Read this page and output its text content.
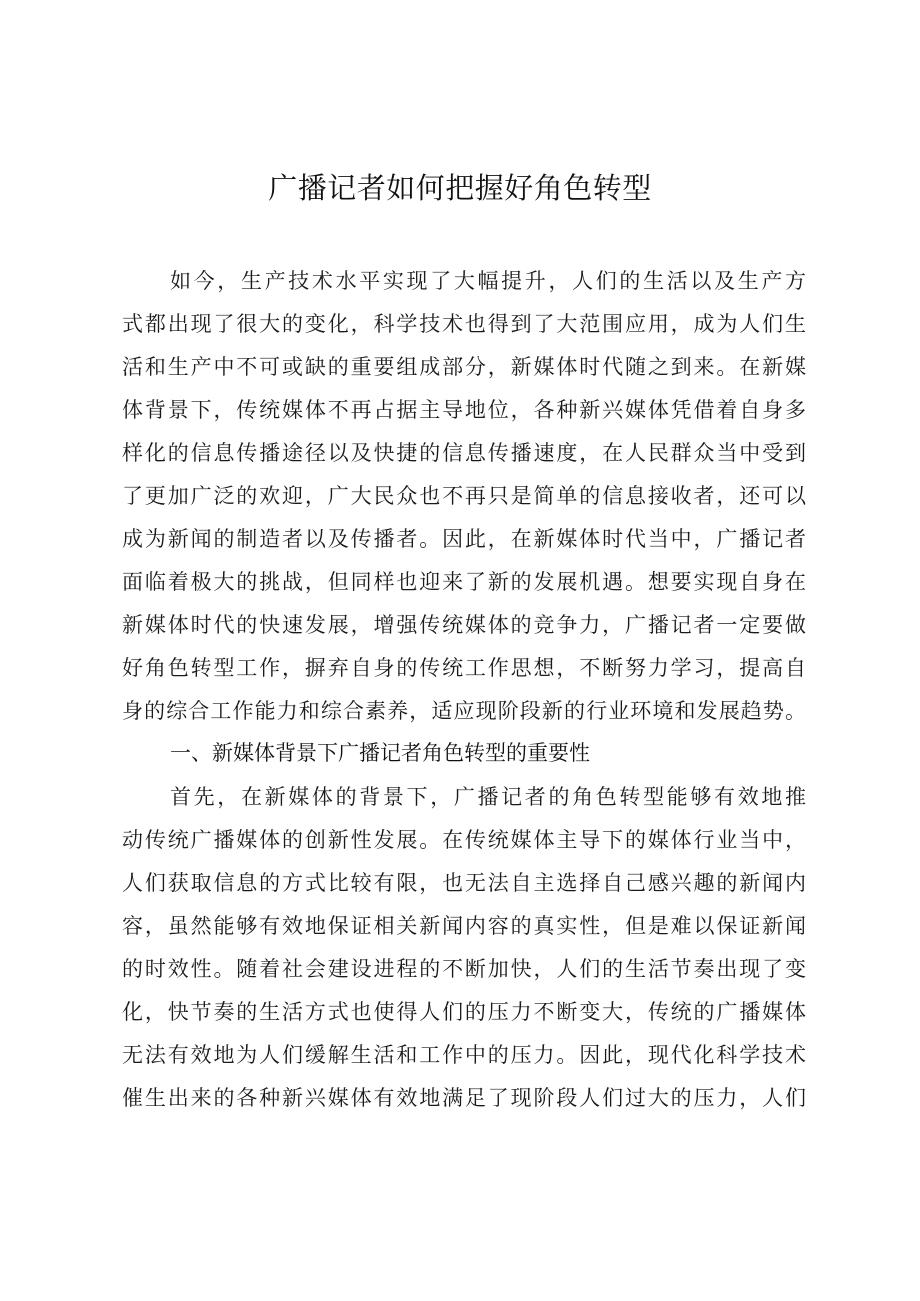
广播记者如何把握好角色转型
如今，生产技术水平实现了大幅提升，人们的生活以及生产方
式都出现了很大的变化，科学技术也得到了大范围应用，成为人们生
活和生产中不可或缺的重要组成部分，新媒体时代随之到来。在新媒
体背景下，传统媒体不再占据主导地位，各种新兴媒体凭借着自身多
样化的信息传播途径以及快捷的信息传播速度，在人民群众当中受到
了更加广泛的欢迎，广大民众也不再只是简单的信息接收者，还可以
成为新闻的制造者以及传播者。因此，在新媒体时代当中，广播记者
面临着极大的挑战，但同样也迎来了新的发展机遇。想要实现自身在
新媒体时代的快速发展，增强传统媒体的竞争力，广播记者一定要做
好角色转型工作，摒弃自身的传统工作思想，不断努力学习，提高自
身的综合工作能力和综合素养，适应现阶段新的行业环境和发展趋势。
一、新媒体背景下广播记者角色转型的重要性
首先，在新媒体的背景下，广播记者的角色转型能够有效地推
动传统广播媒体的创新性发展。在传统媒体主导下的媒体行业当中，
人们获取信息的方式比较有限，也无法自主选择自己感兴趣的新闻内
容，虽然能够有效地保证相关新闻内容的真实性，但是难以保证新闻
的时效性。随着社会建设进程的不断加快，人们的生活节奏出现了变
化，快节奏的生活方式也使得人们的压力不断变大，传统的广播媒体
无法有效地为人们缓解生活和工作中的压力。因此，现代化科学技术
催生出来的各种新兴媒体有效地满足了现阶段人们过大的压力，人们
